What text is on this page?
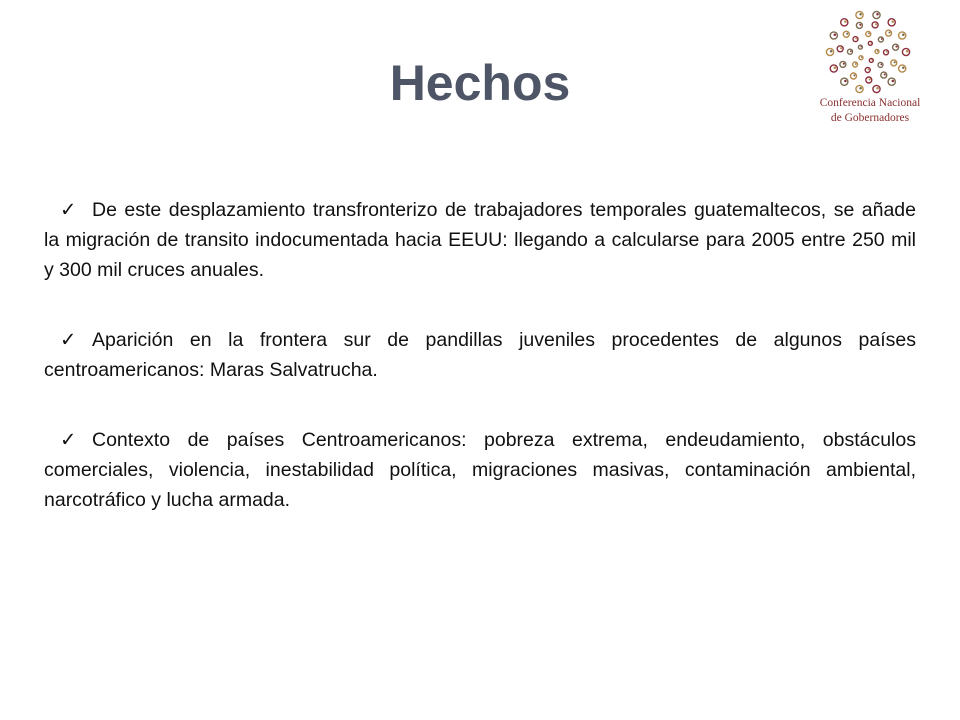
Hechos	Conferencia Nacional
de Gobernadores

✓ De este desplazamiento transfronterizo de trabajadores temporales guatemaltecos, se añade la migración de transito indocumentada hacia EEUU: llegando a calcularse para 2005 entre 250 mil y 300 mil cruces anuales.

✓ Aparición en la frontera sur de pandillas juveniles procedentes de algunos países centroamericanos: Maras Salvatrucha.

✓ Contexto de países Centroamericanos: pobreza extrema, endeudamiento, obstáculos comerciales, violencia, inestabilidad política, migraciones masivas, contaminación ambiental, narcotráfico y lucha armada.
